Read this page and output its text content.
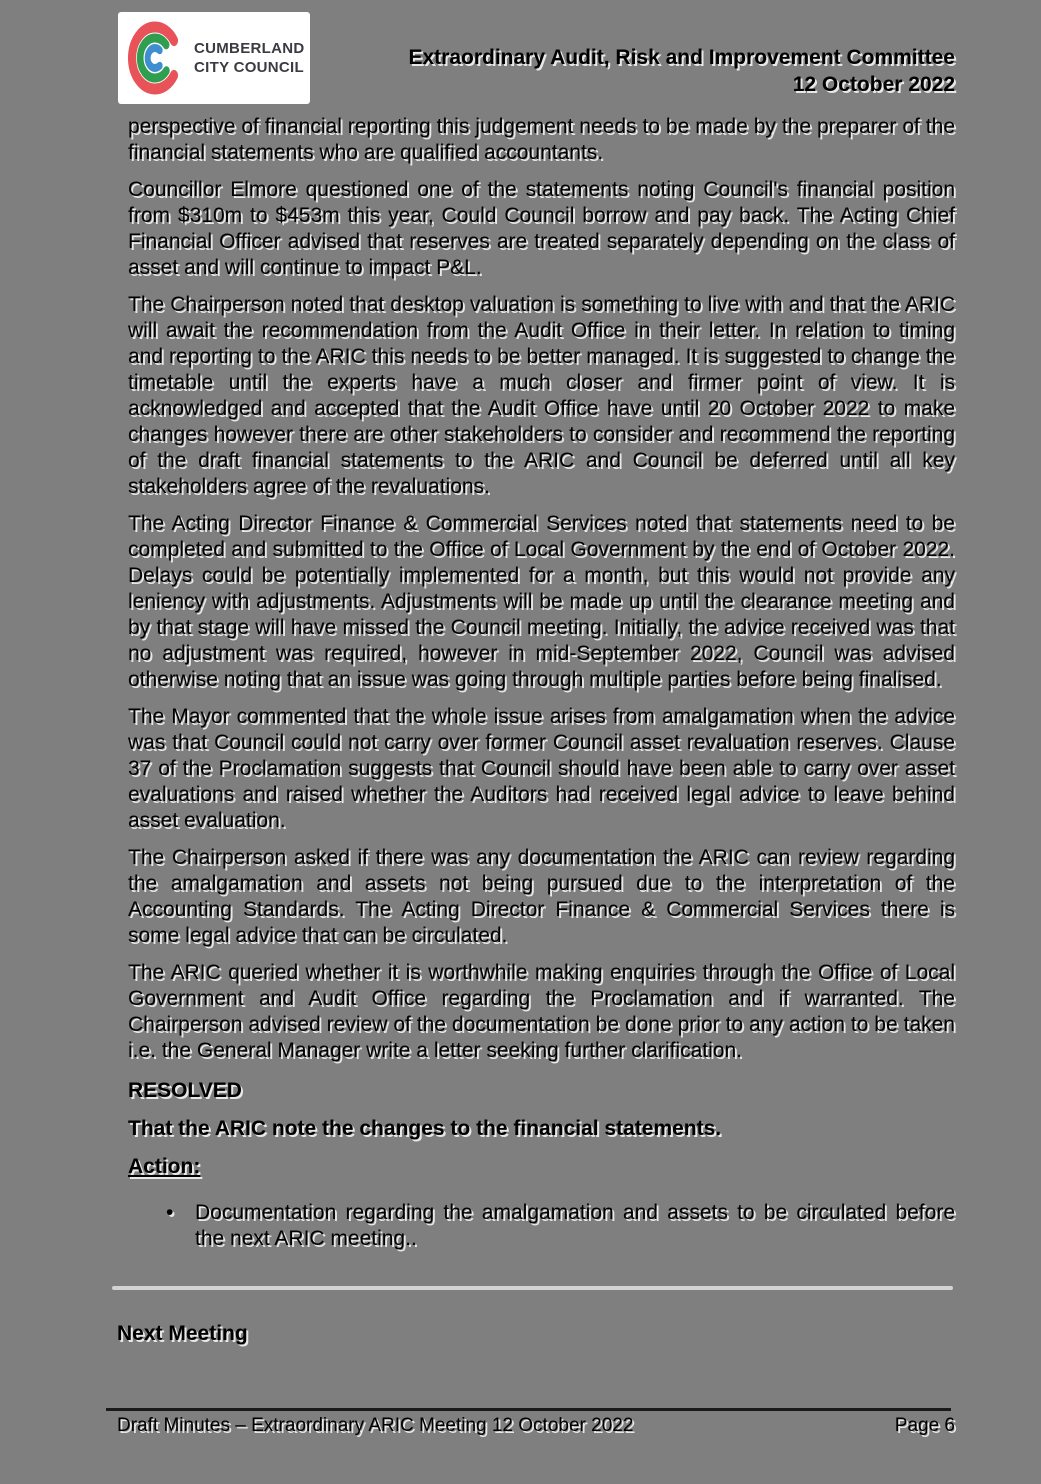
CUMBERLAND
CITY COUNCIL	Extraordinary Audit, Risk and Improvement Committee
12 October 2022

perspective of financial reporting this judgement needs to be made by the preparer of the financial statements who are qualified accountants.

Councillor Elmore questioned one of the statements noting Council's financial position from $310m to $453m this year, Could Council borrow and pay back. The Acting Chief Financial Officer advised that reserves are treated separately depending on the class of asset and will continue to impact P&L.

The Chairperson noted that desktop valuation is something to live with and that the ARIC will await the recommendation from the Audit Office in their letter. In relation to timing and reporting to the ARIC this needs to be better managed. It is suggested to change the timetable until the experts have a much closer and firmer point of view. It is acknowledged and accepted that the Audit Office have until 20 October 2022 to make changes however there are other stakeholders to consider and recommend the reporting of the draft financial statements to the ARIC and Council be deferred until all key stakeholders agree of the revaluations.

The Acting Director Finance & Commercial Services noted that statements need to be completed and submitted to the Office of Local Government by the end of October 2022. Delays could be potentially implemented for a month, but this would not provide any leniency with adjustments. Adjustments will be made up until the clearance meeting and by that stage will have missed the Council meeting. Initially, the advice received was that no adjustment was required, however in mid-September 2022, Council was advised otherwise noting that an issue was going through multiple parties before being finalised.

The Mayor commented that the whole issue arises from amalgamation when the advice was that Council could not carry over former Council asset revaluation reserves. Clause 37 of the Proclamation suggests that Council should have been able to carry over asset evaluations and raised whether the Auditors had received legal advice to leave behind asset evaluation.

The Chairperson asked if there was any documentation the ARIC can review regarding the amalgamation and assets not being pursued due to the interpretation of the Accounting Standards. The Acting Director Finance & Commercial Services there is some legal advice that can be circulated.

The ARIC queried whether it is worthwhile making enquiries through the Office of Local Government and Audit Office regarding the Proclamation and if warranted. The Chairperson advised review of the documentation be done prior to any action to be taken i.e. the General Manager write a letter seeking further clarification.

RESOLVED
That the ARIC note the changes to the financial statements.
Action:
• Documentation regarding the amalgamation and assets to be circulated before the next ARIC meeting..
Next Meeting
Draft Minutes – Extraordinary ARIC Meeting 12 October 2022	Page 6
